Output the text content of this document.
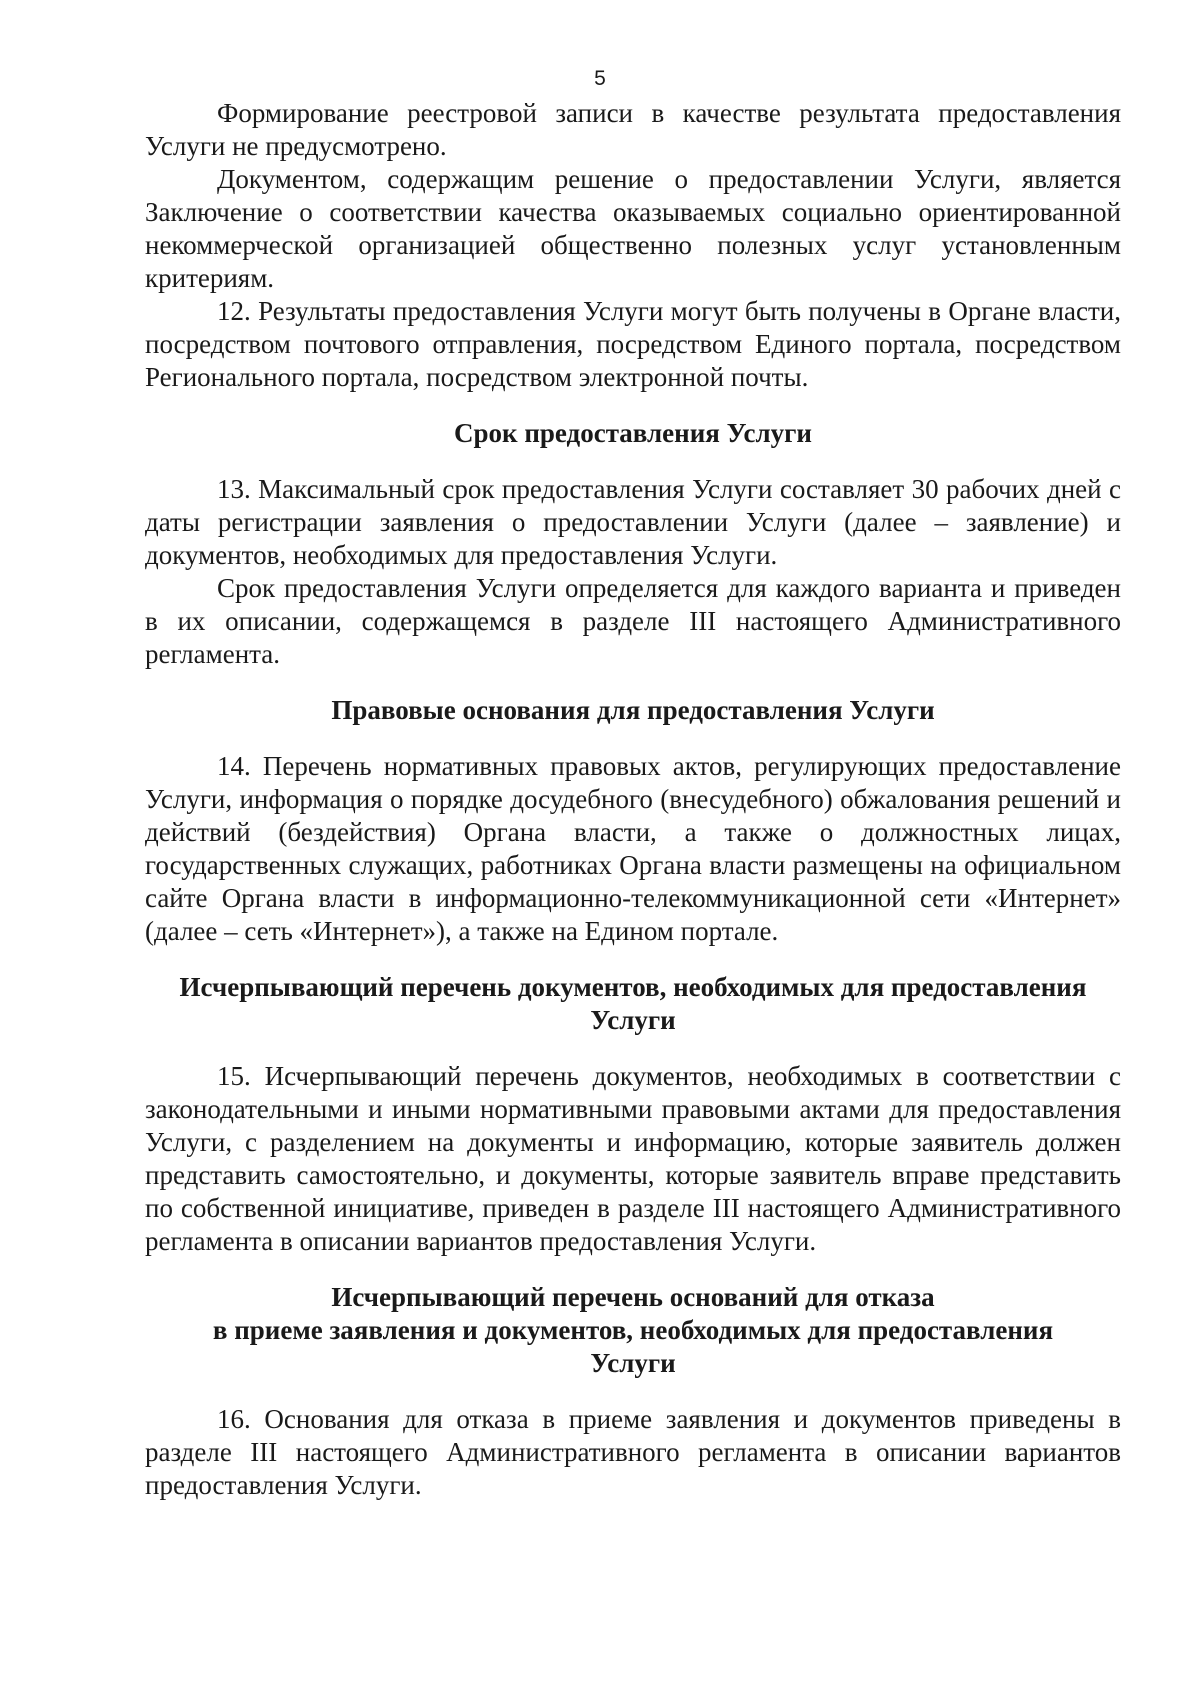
5

Формирование реестровой записи в качестве результата предоставления Услуги не предусмотрено.

Документом, содержащим решение о предоставлении Услуги, является Заключение о соответствии качества оказываемых социально ориентированной некоммерческой организацией общественно полезных услуг установленным критериям.

12. Результаты предоставления Услуги могут быть получены в Органе власти, посредством почтового отправления, посредством Единого портала, посредством Регионального портала, посредством электронной почты.

Срок предоставления Услуги

13. Максимальный срок предоставления Услуги составляет 30 рабочих дней с даты регистрации заявления о предоставлении Услуги (далее – заявление) и документов, необходимых для предоставления Услуги.

Срок предоставления Услуги определяется для каждого варианта и приведен в их описании, содержащемся в разделе III настоящего Административного регламента.

Правовые основания для предоставления Услуги

14. Перечень нормативных правовых актов, регулирующих предоставление Услуги, информация о порядке досудебного (внесудебного) обжалования решений и действий (бездействия) Органа власти, а также о должностных лицах, государственных служащих, работниках Органа власти размещены на официальном сайте Органа власти в информационно-телекоммуникационной сети «Интернет» (далее – сеть «Интернет»), а также на Едином портале.

Исчерпывающий перечень документов, необходимых для предоставления
Услуги

15. Исчерпывающий перечень документов, необходимых в соответствии с законодательными и иными нормативными правовыми актами для предоставления Услуги, с разделением на документы и информацию, которые заявитель должен представить самостоятельно, и документы, которые заявитель вправе представить по собственной инициативе, приведен в разделе III настоящего Административного регламента в описании вариантов предоставления Услуги.

Исчерпывающий перечень оснований для отказа
в приеме заявления и документов, необходимых для предоставления
Услуги

16. Основания для отказа в приеме заявления и документов приведены в разделе III настоящего Административного регламента в описании вариантов предоставления Услуги.
